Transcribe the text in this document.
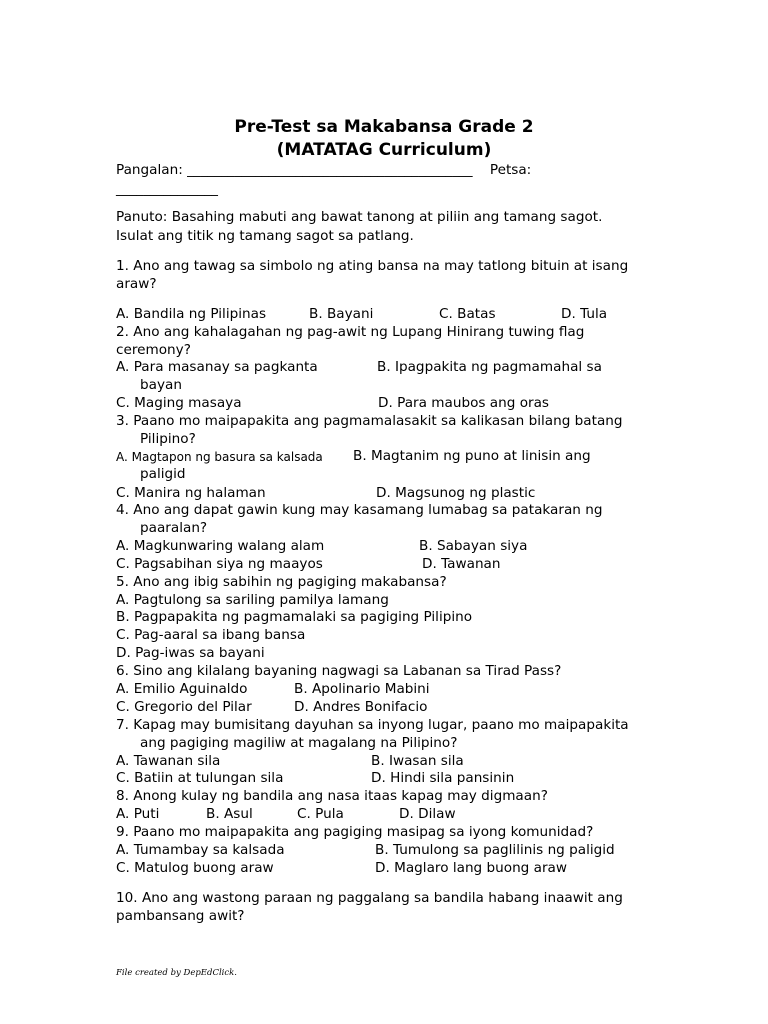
Pre-Test sa Makabansa Grade 2
(MATATAG Curriculum)
Pangalan: __________________________________________    Petsa:
_______________
Panuto: Basahing mabuti ang bawat tanong at piliin ang tamang sagot.
Isulat ang titik ng tamang sagot sa patlang.
1. Ano ang tawag sa simbolo ng ating bansa na may tatlong bituin at isang
araw?
A. Bandila ng Pilipinas	B. Bayani	C. Batas	D. Tula
2. Ano ang kahalagahan ng pag-awit ng Lupang Hinirang tuwing flag
ceremony?
A. Para masanay sa pagkanta	B. Ipagpakita ng pagmamahal sa
bayan
C. Maging masaya	D. Para maubos ang oras
3. Paano mo maipapakita ang pagmamalasakit sa kalikasan bilang batang
Pilipino?
A. Magtapon ng basura sa kalsada B. Magtanim ng puno at linisin ang
paligid
C. Manira ng halaman	D. Magsunog ng plastic
4. Ano ang dapat gawin kung may kasamang lumabag sa patakaran ng
paaralan?
A. Magkunwaring walang alam	B. Sabayan siya
C. Pagsabihan siya ng maayos	D. Tawanan
5. Ano ang ibig sabihin ng pagiging makabansa?
A. Pagtulong sa sariling pamilya lamang
B. Pagpapakita ng pagmamalaki sa pagiging Pilipino
C. Pag-aaral sa ibang bansa
D. Pag-iwas sa bayani
6. Sino ang kilalang bayaning nagwagi sa Labanan sa Tirad Pass?
A. Emilio Aguinaldo	B. Apolinario Mabini
C. Gregorio del Pilar	D. Andres Bonifacio
7. Kapag may bumisitang dayuhan sa inyong lugar, paano mo maipapakita
ang pagiging magiliw at magalang na Pilipino?
A. Tawanan sila	B. Iwasan sila
C. Batiin at tulungan sila	D. Hindi sila pansinin
8. Anong kulay ng bandila ang nasa itaas kapag may digmaan?
A. Puti	B. Asul	C. Pula	D. Dilaw
9. Paano mo maipapakita ang pagiging masipag sa iyong komunidad?
A. Tumambay sa kalsada	B. Tumulong sa paglilinis ng paligid
C. Matulog buong araw	D. Maglaro lang buong araw
10. Ano ang wastong paraan ng paggalang sa bandila habang inaawit ang
pambansang awit?
File created by DepEdClick.
